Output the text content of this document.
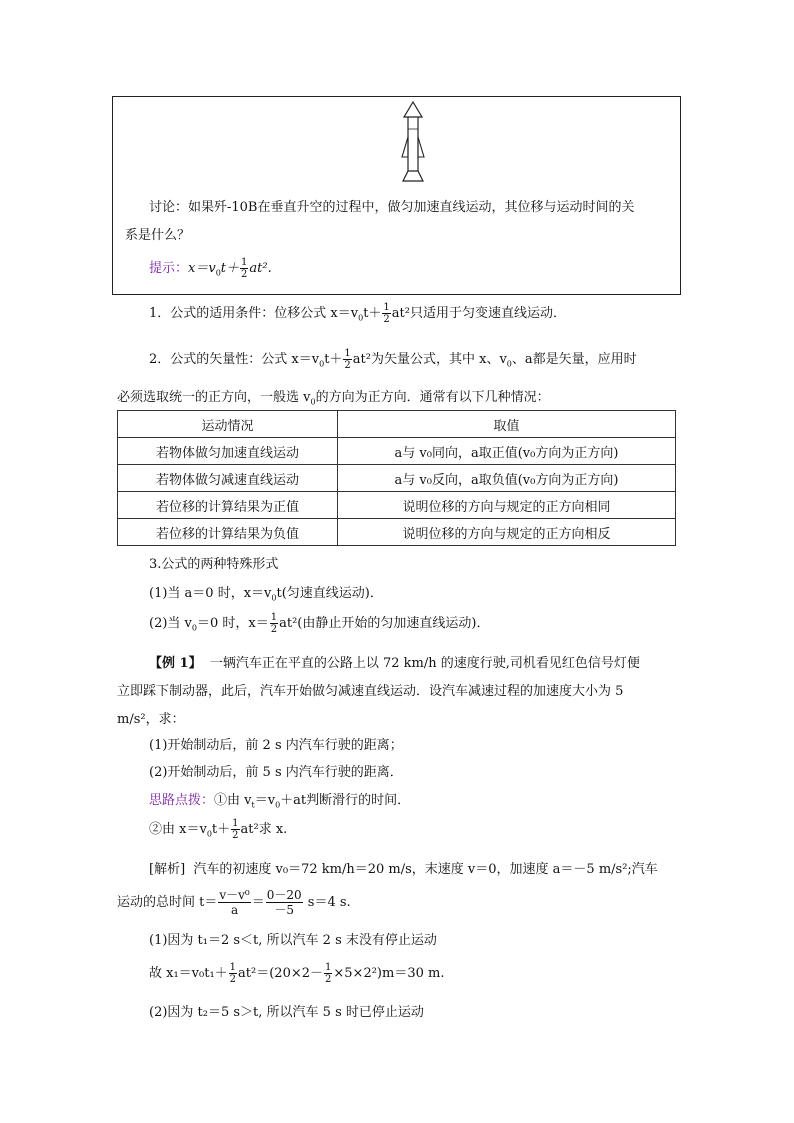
讨论：如果歼-10B在垂直升空的过程中，做匀加速直线运动，其位移与运动时间的关
系是什么？
提示：$x=v_0t+ \frac{1}{2} at^2$.
1．公式的适用条件：位移公式 $x=v_0t+ \frac{1}{2} at^2$只适用于匀变速直线运动．
2．公式的矢量性：公式 $x=v_0t+ \frac{1}{2} at^2$为矢量公式，其中 x、$v_0$、a都是矢量，应用时
必须选取统一的正方向，一般选 $v_0$的方向为正方向．通常有以下几种情况：
运动情况	取值
若物体做匀加速直线运动	a与 v₀同向，a取正值(v₀方向为正方向)
若物体做匀减速直线运动	a与 v₀反向，a取负值(v₀方向为正方向)
若位移的计算结果为正值	说明位移的方向与规定的正方向相同
若位移的计算结果为负值	说明位移的方向与规定的正方向相反
3.公式的两种特殊形式
(1)当 a＝0 时，$x=v_0t$(匀速直线运动)．
(2)当 $v_0=0$ 时，$x= \frac{1}{2} at^2$(由静止开始的匀加速直线运动)．
【例 1】 一辆汽车正在平直的公路上以 72 km/h 的速度行驶,司机看见红色信号灯便
立即踩下制动器，此后，汽车开始做匀减速直线运动．设汽车减速过程的加速度大小为 5
m/s²，求：
(1)开始制动后，前 2 s 内汽车行驶的距离；
(2)开始制动后，前 5 s 内汽车行驶的距离．
思路点拨：①由 $v_t=v_0+at$判断滑行的时间．
②由 $x=v_0t+ \frac{1}{2} at^2$求 x.
[解析] 汽车的初速度 v₀＝72 km/h＝20 m/s，末速度 v＝0，加速度 a＝－5 m/s²;汽车
运动的总时间 $t= \frac{\text{v－v⁰}}{a} = \frac{0-20}{-5} s=4$ s.
(1)因为 t₁＝2 s＜t, 所以汽车 2 s 末没有停止运动
故 $x_1=v_0t_1+ \frac{1}{2} at^2=(20\times 2- \frac{1}{2} \times 5\times 2^2)m=30$ m.
(2)因为 t₂＝5 s＞t, 所以汽车 5 s 时已停止运动
